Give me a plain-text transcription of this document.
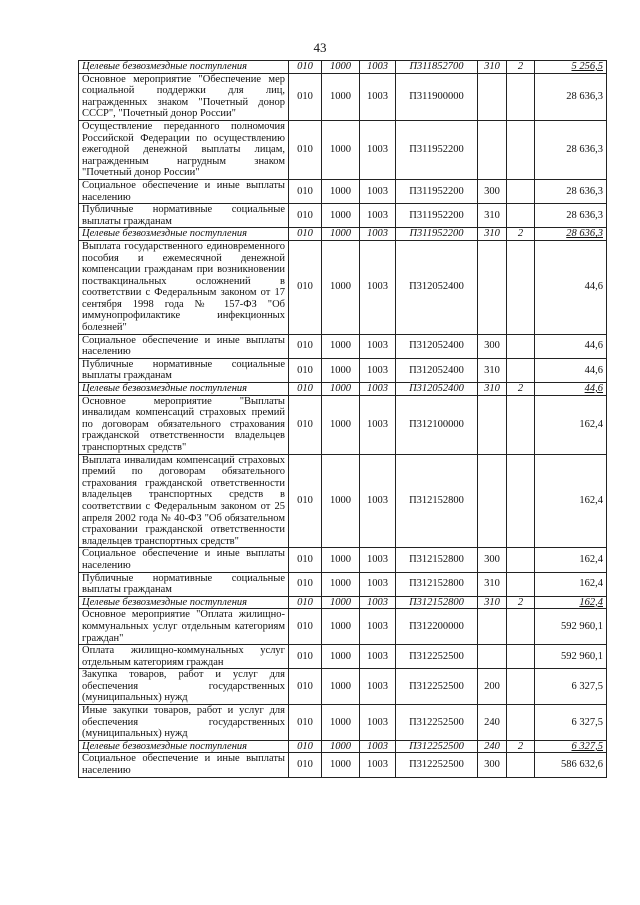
43
Целевые безвозмездные поступления	010	1000	1003	П311852700	310	2	5 256,5
Основное мероприятие "Обеспечение мер социальной поддержки для лиц, награжденных знаком "Почетный донор СССР", "Почетный донор России"	010	1000	1003	П311900000			28 636,3
Осуществление переданного полномочия Российской Федерации по осуществлению ежегодной денежной выплаты лицам, награжденным нагрудным знаком "Почетный донор России"	010	1000	1003	П311952200			28 636,3
Социальное обеспечение и иные выплаты населению	010	1000	1003	П311952200	300		28 636,3
Публичные нормативные социальные выплаты гражданам	010	1000	1003	П311952200	310		28 636,3
Целевые безвозмездные поступления	010	1000	1003	П311952200	310	2	28 636,3
Выплата государственного единовременного пособия и ежемесячной денежной компенсации гражданам при возникновении поствакцинальных осложнений в соответствии с Федеральным законом от 17 сентября 1998 года № 157-ФЗ "Об иммунопрофилактике инфекционных болезней"	010	1000	1003	П312052400			44,6
Социальное обеспечение и иные выплаты населению	010	1000	1003	П312052400	300		44,6
Публичные нормативные социальные выплаты гражданам	010	1000	1003	П312052400	310		44,6
Целевые безвозмездные поступления	010	1000	1003	П312052400	310	2	44,6
Основное мероприятие "Выплаты инвалидам компенсаций страховых премий по договорам обязательного страхования гражданской ответственности владельцев транспортных средств"	010	1000	1003	П312100000			162,4
Выплата инвалидам компенсаций страховых премий по договорам обязательного страхования гражданской ответственности владельцев транспортных средств в соответствии с Федеральным законом от 25 апреля 2002 года № 40-ФЗ "Об обязательном страховании гражданской ответственности владельцев транспортных средств"	010	1000	1003	П312152800			162,4
Социальное обеспечение и иные выплаты населению	010	1000	1003	П312152800	300		162,4
Публичные нормативные социальные выплаты гражданам	010	1000	1003	П312152800	310		162,4
Целевые безвозмездные поступления	010	1000	1003	П312152800	310	2	162,4
Основное мероприятие "Оплата жилищно-коммунальных услуг отдельным категориям граждан"	010	1000	1003	П312200000			592 960,1
Оплата жилищно-коммунальных услуг отдельным категориям граждан	010	1000	1003	П312252500			592 960,1
Закупка товаров, работ и услуг для обеспечения государственных (муниципальных) нужд	010	1000	1003	П312252500	200		6 327,5
Иные закупки товаров, работ и услуг для обеспечения государственных (муниципальных) нужд	010	1000	1003	П312252500	240		6 327,5
Целевые безвозмездные поступления	010	1000	1003	П312252500	240	2	6 327,5
Социальное обеспечение и иные выплаты населению	010	1000	1003	П312252500	300		586 632,6
